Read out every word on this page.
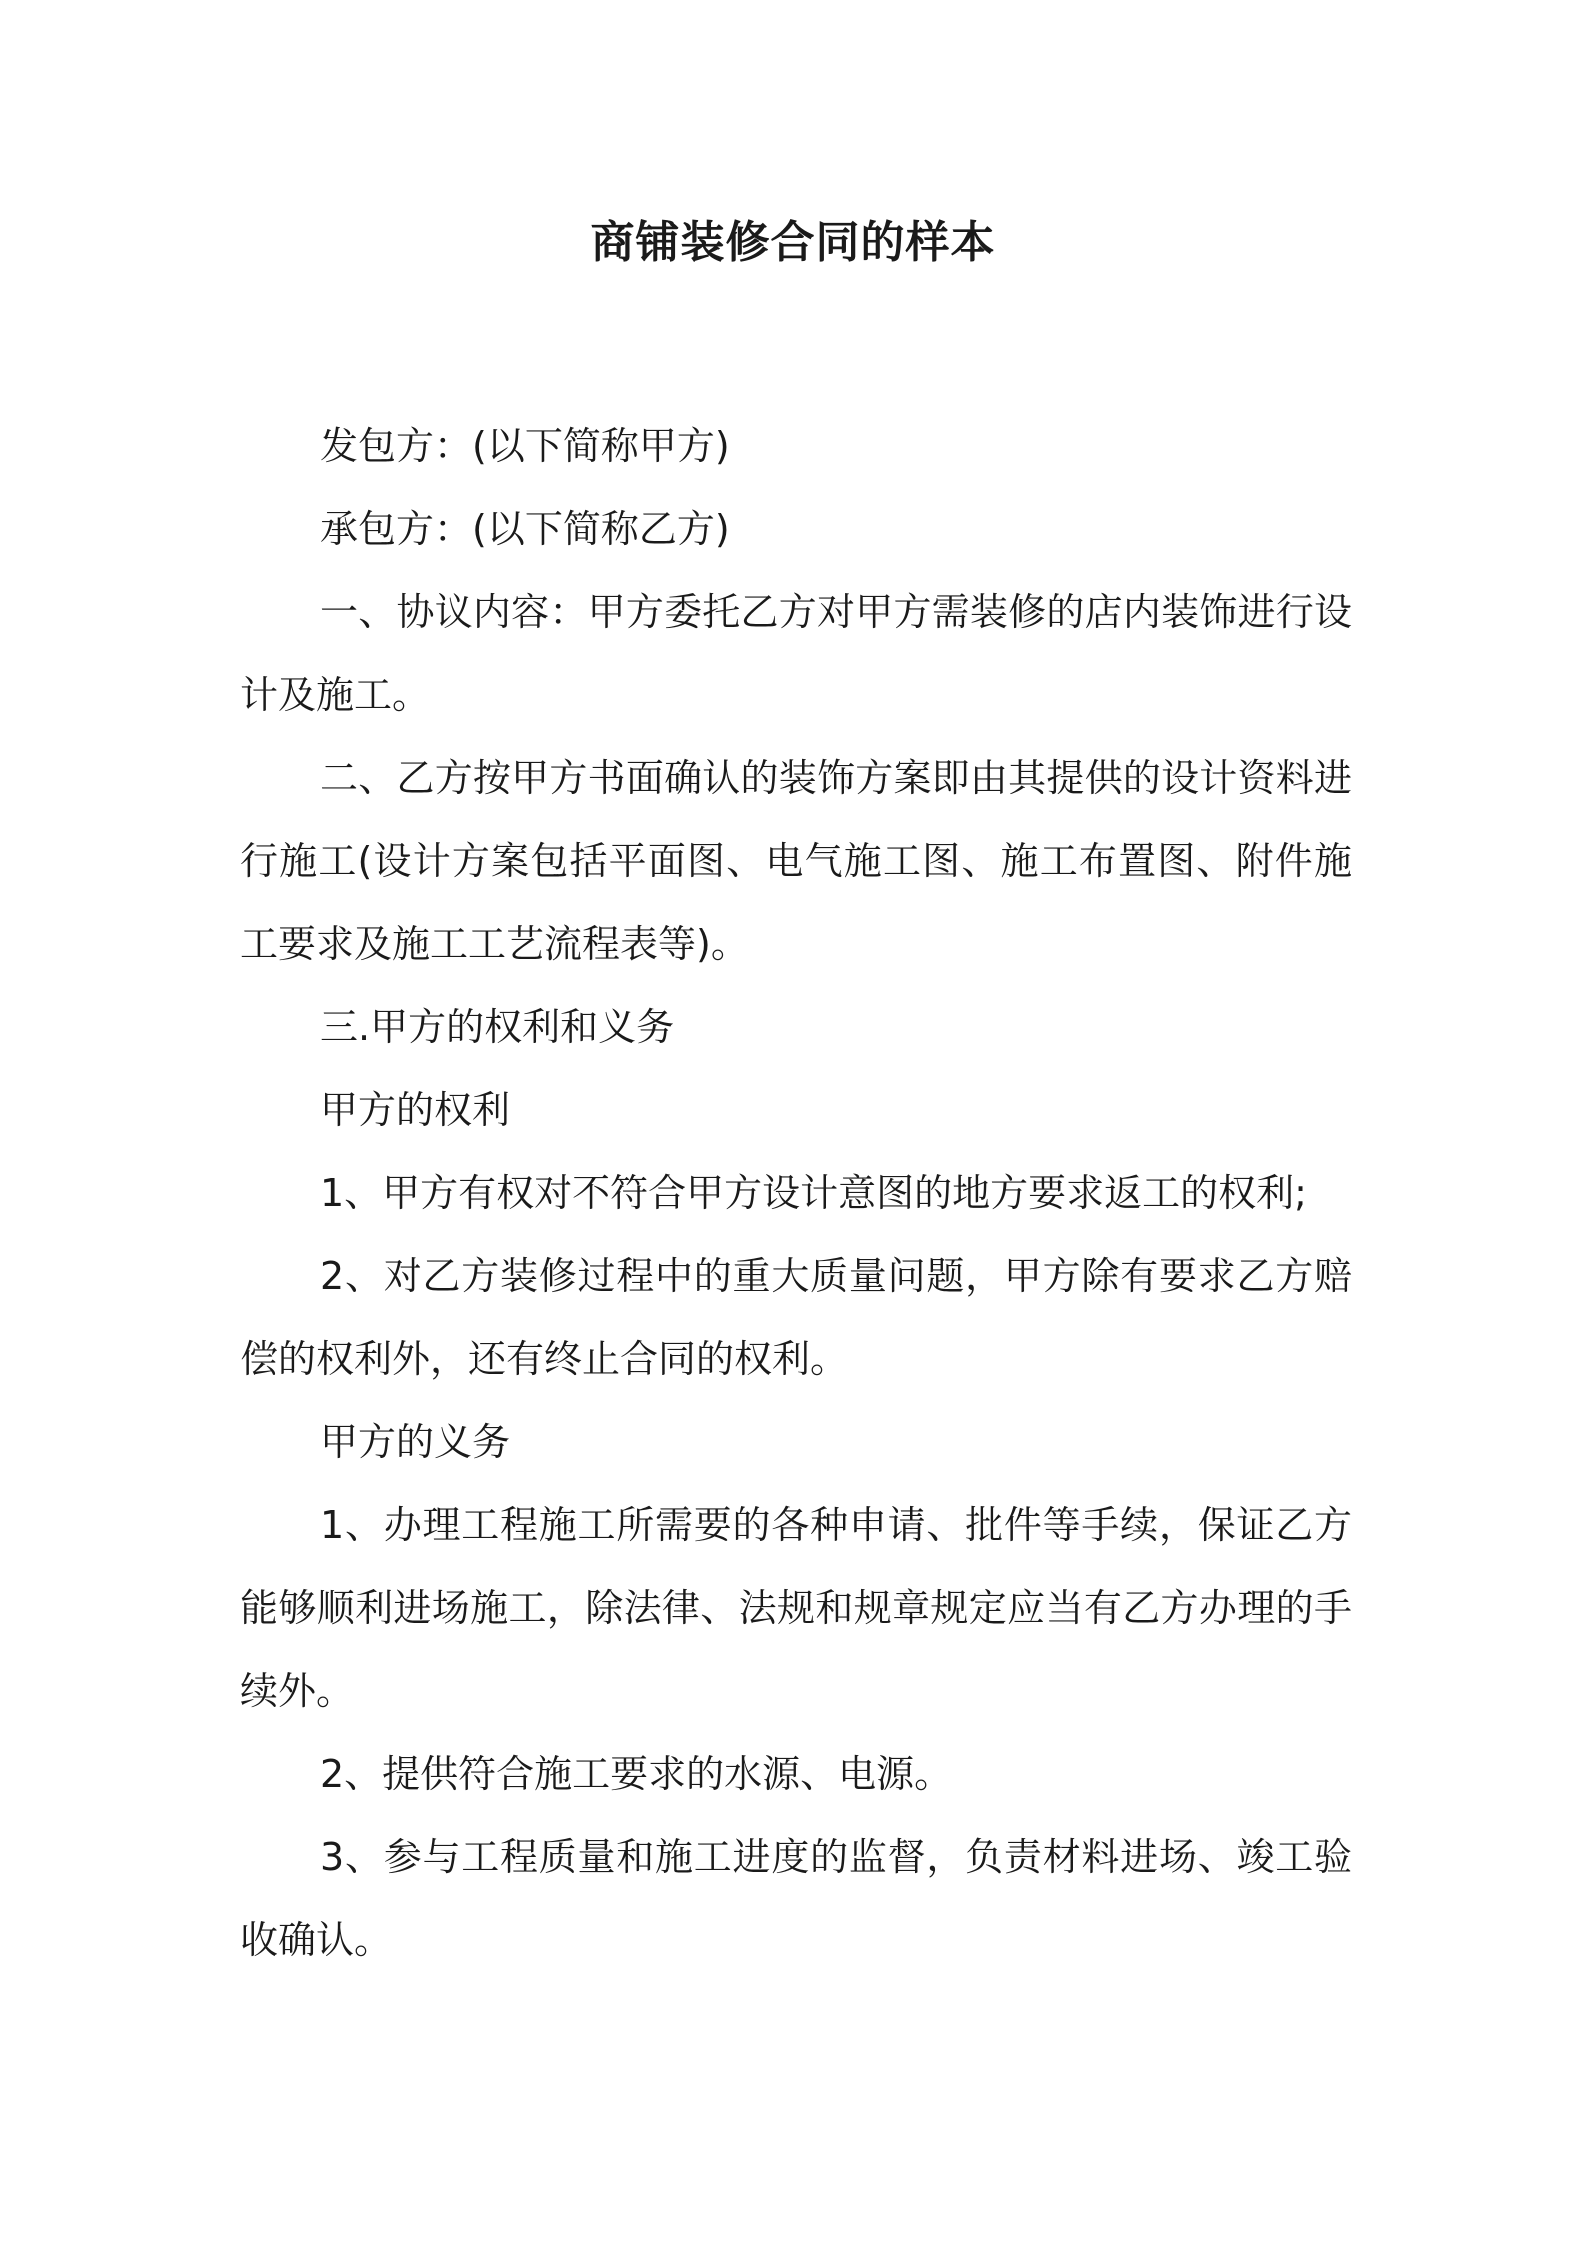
商铺装修合同的样本

发包方：(以下简称甲方)

承包方：(以下简称乙方)

一、协议内容：甲方委托乙方对甲方需装修的店内装饰进行设计及施工。

二、乙方按甲方书面确认的装饰方案即由其提供的设计资料进行施工(设计方案包括平面图、电气施工图、施工布置图、附件施工要求及施工工艺流程表等)。

三.甲方的权利和义务

甲方的权利

1、甲方有权对不符合甲方设计意图的地方要求返工的权利;

2、对乙方装修过程中的重大质量问题，甲方除有要求乙方赔偿的权利外，还有终止合同的权利。

甲方的义务

1、办理工程施工所需要的各种申请、批件等手续，保证乙方能够顺利进场施工，除法律、法规和规章规定应当有乙方办理的手续外。

2、提供符合施工要求的水源、电源。

3、参与工程质量和施工进度的监督，负责材料进场、竣工验收确认。
